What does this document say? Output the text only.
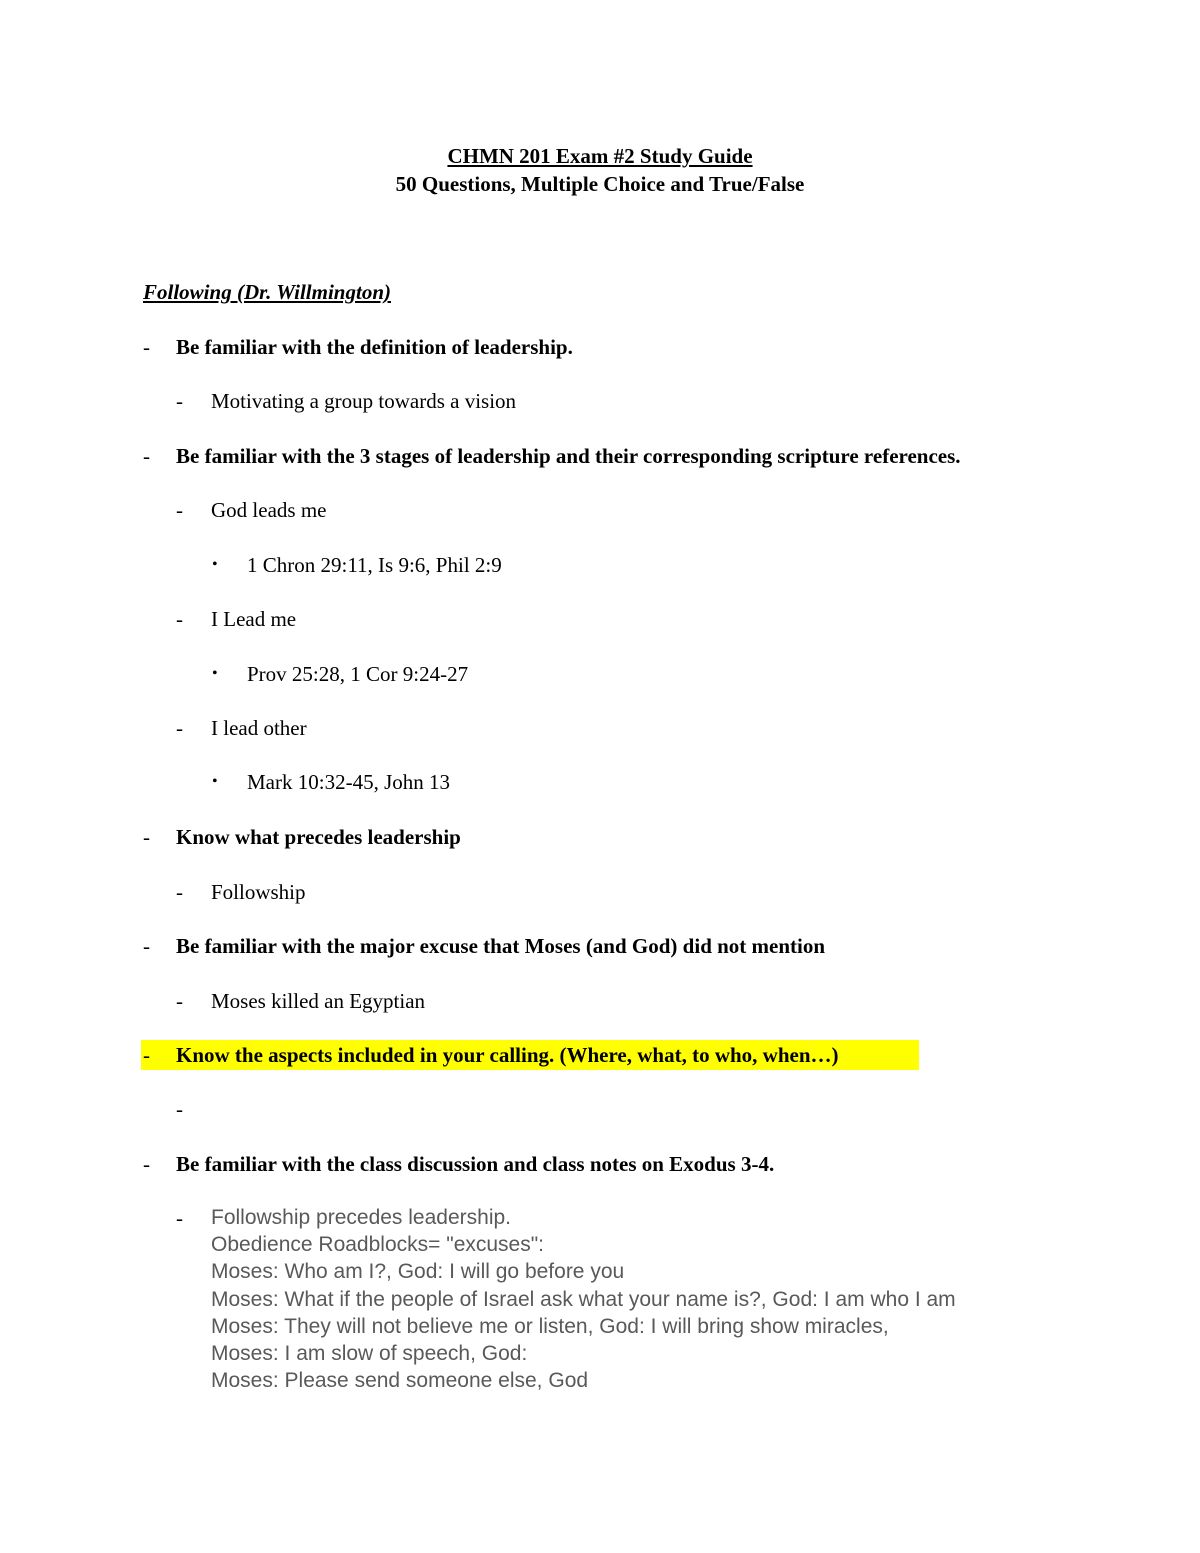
CHMN 201 Exam #2 Study Guide
50 Questions, Multiple Choice and True/False
Following (Dr. Willmington)
- Be familiar with the definition of leadership.
- Motivating a group towards a vision
- Be familiar with the 3 stages of leadership and their corresponding scripture references.
- God leads me
• 1 Chron 29:11, Is 9:6, Phil 2:9
- I Lead me
• Prov 25:28, 1 Cor 9:24-27
- I lead other
• Mark 10:32-45, John 13
- Know what precedes leadership
- Followship
- Be familiar with the major excuse that Moses (and God) did not mention
- Moses killed an Egyptian
- Know the aspects included in your calling. (Where, what, to who, when…)
-
- Be familiar with the class discussion and class notes on Exodus 3-4.
- Followship precedes leadership.
Obedience Roadblocks= "excuses":
Moses: Who am I?, God: I will go before you
Moses: What if the people of Israel ask what your name is?, God: I am who I am
Moses: They will not believe me or listen, God: I will bring show miracles,
Moses: I am slow of speech, God:
Moses: Please send someone else, God
